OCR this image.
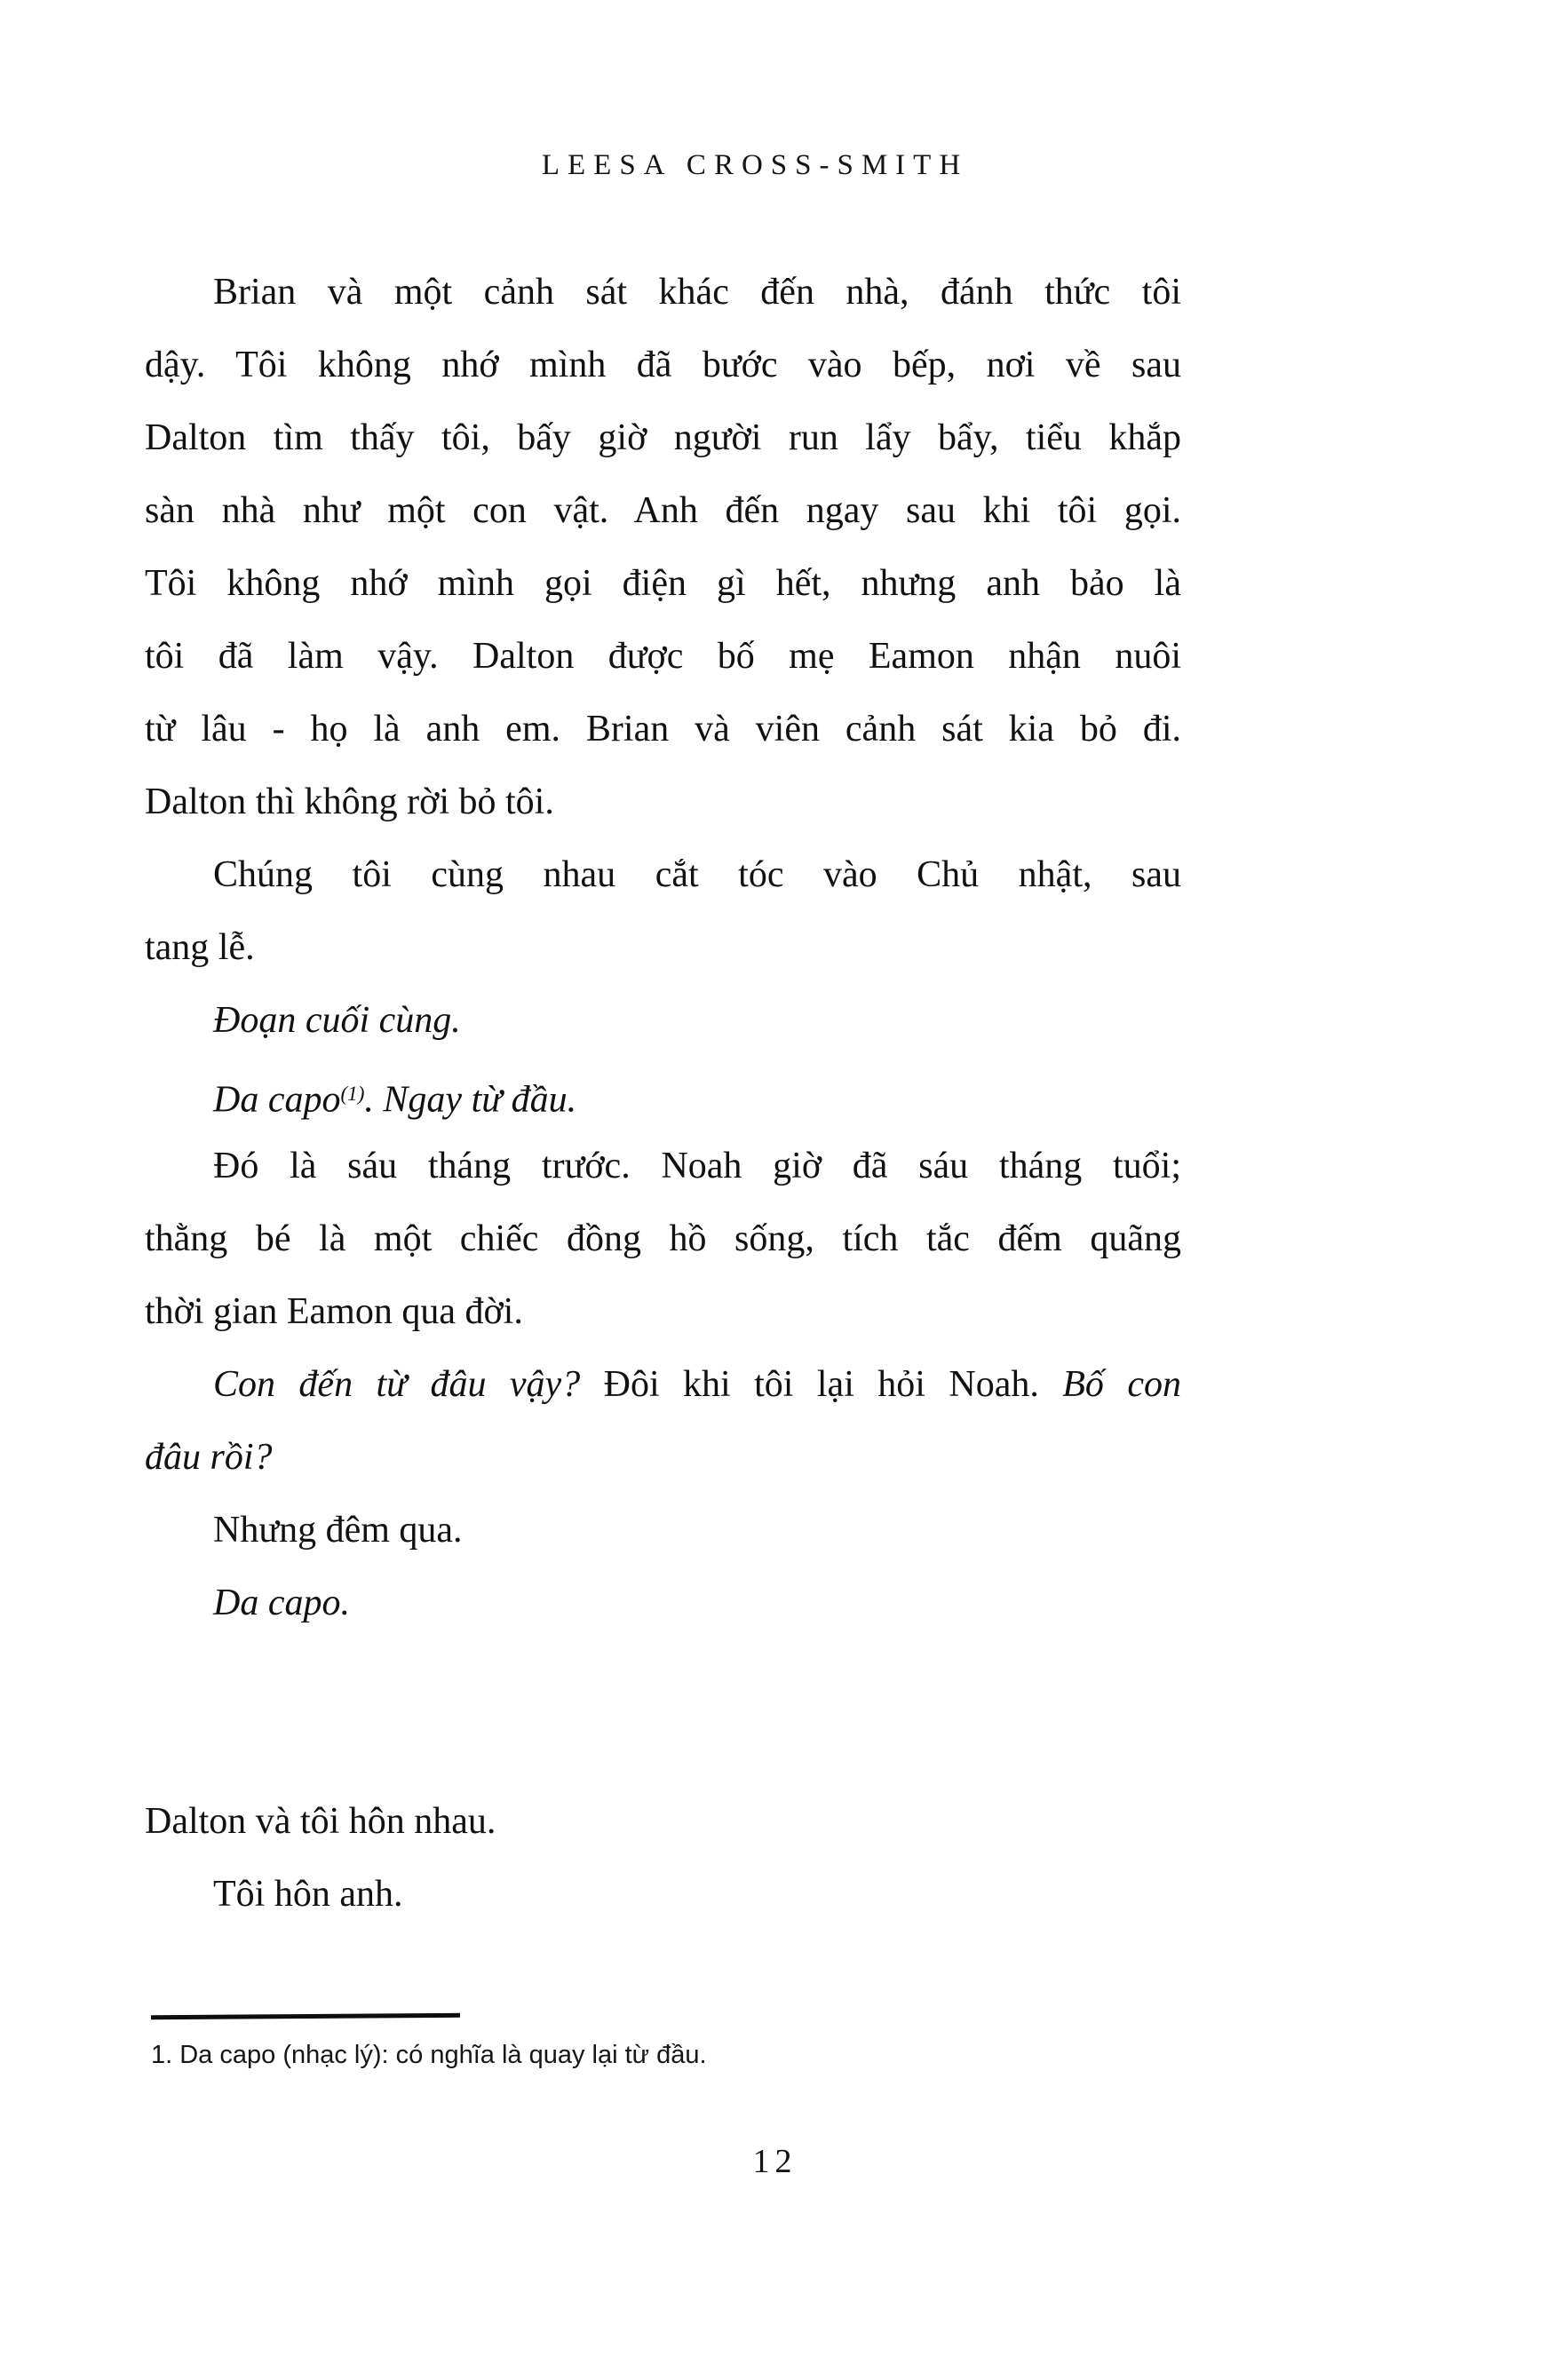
LEESA CROSS-SMITH
Brian và một cảnh sát khác đến nhà, đánh thức tôi
dậy. Tôi không nhớ mình đã bước vào bếp, nơi về sau
Dalton tìm thấy tôi, bấy giờ người run lẩy bẩy, tiểu khắp
sàn nhà như một con vật. Anh đến ngay sau khi tôi gọi.
Tôi không nhớ mình gọi điện gì hết, nhưng anh bảo là
tôi đã làm vậy. Dalton được bố mẹ Eamon nhận nuôi
từ lâu - họ là anh em. Brian và viên cảnh sát kia bỏ đi.
Dalton thì không rời bỏ tôi.
Chúng tôi cùng nhau cắt tóc vào Chủ nhật, sau
tang lễ.
Đoạn cuối cùng.
Da capo$^{(1)}$. Ngay từ đầu.
Đó là sáu tháng trước. Noah giờ đã sáu tháng tuổi;
thằng bé là một chiếc đồng hồ sống, tích tắc đếm quãng
thời gian Eamon qua đời.
Con đến từ đâu vậy? Đôi khi tôi lại hỏi Noah. Bố con
đâu rồi?
Nhưng đêm qua.
Da capo.
Dalton và tôi hôn nhau.
Tôi hôn anh.
1. Da capo (nhạc lý): có nghĩa là quay lại từ đầu.
12
